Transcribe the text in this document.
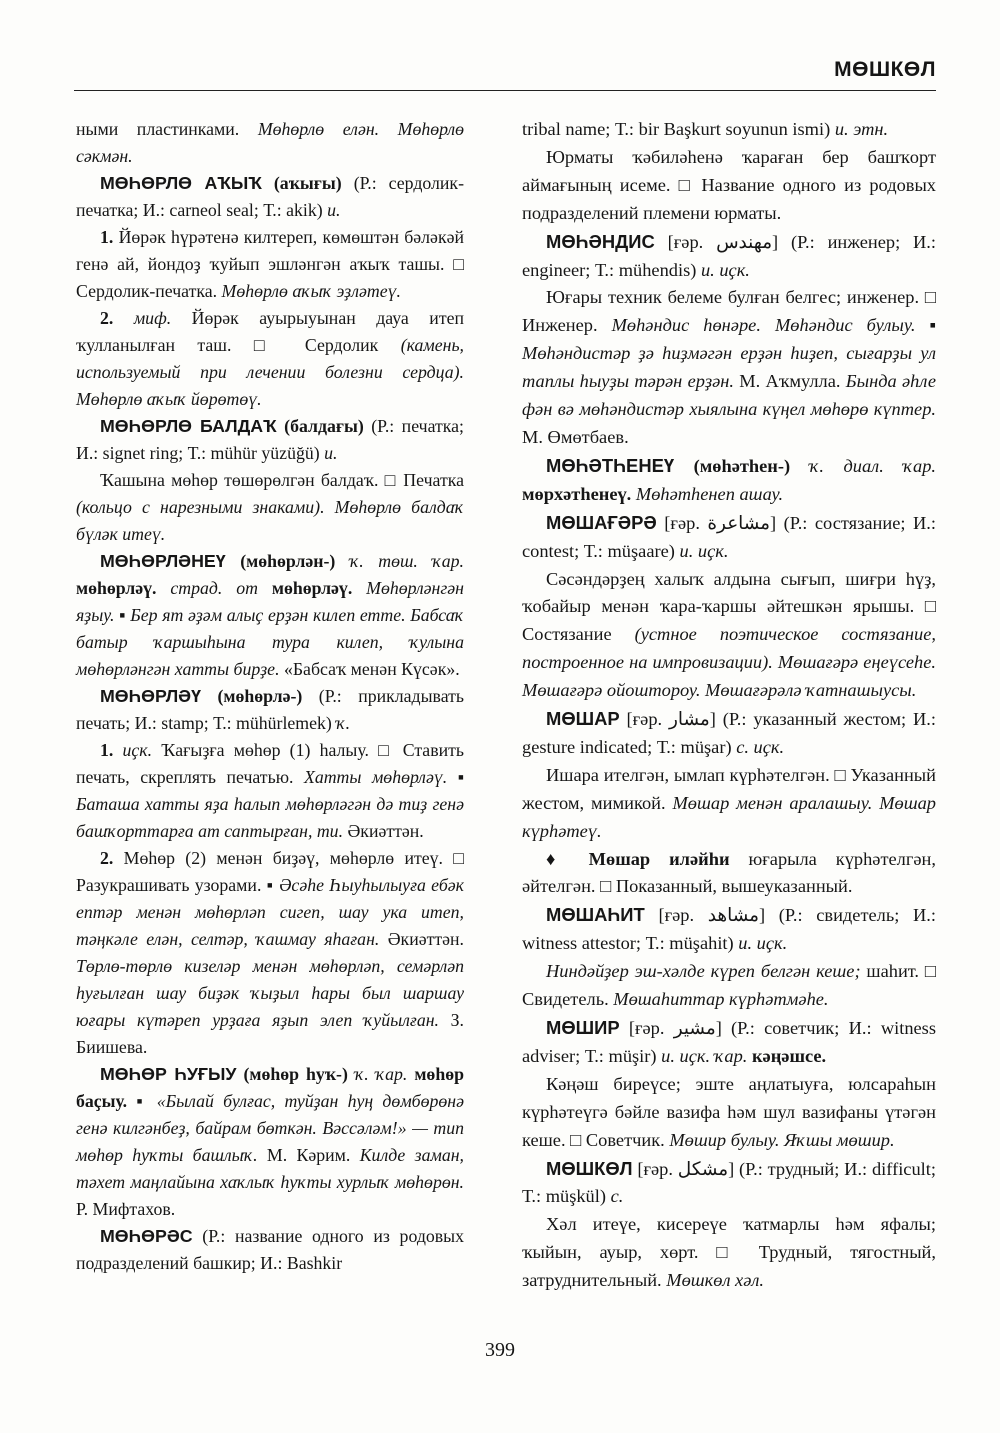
МӨШКӨЛ

ными пластинками. Мөһөрлө елән. Мөһөрлө сәкмән.

МӨҺӨРЛӨ АҠЫҠ (аҡығы) (Р.: сердолик-печатка; И.: carneol seal; Т.: akik) и.

1. Йөрәк һүрәтенә килтереп, көмөштән бәләкәй генә ай, йондоҙ ҡуйып эшләнгән аҡыҡ ташы. □ Сердолик-печатка. Мөһөрлө аҡыҡ эҙләтеү.

2. миф. Йөрәк ауырыуынан дауа итеп ҡулланылған таш. □ Сердолик (камень, используемый при лечении болезни сердца). Мөһөрлө аҡыҡ йөрөтөү.

МӨҺӨРЛӨ БАЛДАҠ (балдағы) (Р.: печатка; И.: signet ring; Т.: mühür yüzüğü) и.

Ҡашына мөһөр төшөрөлгән балдаҡ. □ Печатка (кольцо с нарезными знаками). Мөһөрлө балдаҡ бүләк итеү.

МӨҺӨРЛӘНЕҮ (мөһөрлән-) ҡ. төш. ҡар. мөһөрләү. страд. от мөһөрләү. Мөһөрләнгән яҙыу. ▪ Бер ят әҙәм алыҫ ерҙән килеп етте. Бабсаҡ батыр ҡаршыһына тура килеп, ҡулына мөһөрләнгән хатты бирҙе. «Бабсаҡ менән Күсәк».

МӨҺӨРЛӘҮ (мөһөрлә-) (Р.: прикладывать печать; И.: stamp; Т.: mühürlemek) ҡ.

1. иҫк. Ҡағыҙға мөһөр (1) һалыу. □ Ставить печать, скреплять печатью. Хатты мөһөрләү. ▪ Баташа хатты яҙа һалып мөһөрләгән дә тиҙ генә башҡорттарға ат саптырған, ти. Әкиәттән.

2. Мөһөр (2) менән биҙәү, мөһөрлө итеү. □ Разукрашивать узорами. ▪ Әсәһе Һыуһылыуға ебәк ептәр менән мөһөрләп сигеп, шау ука итеп, тәңкәле елән, селтәр, ҡашмау яһаған. Әкиәттән. Төрлө-төрлө кизеләр менән мөһөрләп, семәрләп һуғылған шау биҙәк ҡыҙыл һары был шаршау юғары күтәреп урҙаға яҙып элеп ҡуйылған. З. Биишева.

МӨҺӨР ҺУҒЫУ (мөһөр һуҡ-) ҡ. ҡар. мөһөр баҫыу. ▪ «Былай булғас, туйҙан һуң дөмбөрөнә генә килгәнбеҙ, байрам бөткән. Вәссәләм!» — тип мөһөр һуҡты башлыҡ. М. Кәрим. Килде заман, тәхет маңлайына хаҡлыҡ һуҡты хурлыҡ мөһөрөн. Р. Мифтахов.

МӨҺӨРӘС (Р.: название одного из родовых подразделений башкир; И.: Bashkir

tribal name; Т.: bir Başkurt soyunun ismi) и. этн.

Юрматы ҡәбиләһенә ҡараған бер башҡорт аймағының исеме. □ Название одного из родовых подразделений племени юрматы.

МӨҺӘНДИС [ғәр. مهندس] (Р.: инженер; И.: engineer; Т.: mühendis) и. иҫк.

Юғары техник белеме булған белгес; инженер. □ Инженер. Мөһәндис һөнәре. Мөһәндис булыу. ▪ Мөһәндистәр ҙә һиҙмәгән ерҙән һиҙеп, сығарҙы ул таплы һыуҙы тәрән ерҙән. М. Аҡмулла. Бында әһле фән вә мөһәндистәр хыялына күңел мөһөрө күптер. М. Өмөтбаев.

МӨҺӘТҺЕНЕҮ (мөһәтһен-) ҡ. диал. ҡар. мөрхәтһенеү. Мөһәтһенеп ашау.

МӨШАҒӘРӘ [ғәр. مشاعرة] (Р.: состязание; И.: contest; Т.: müşaare) и. иҫк.

Сәсәндәрҙең халыҡ алдына сығып, шиғри һүҙ, ҡобайыр менән ҡара-ҡаршы әйтешкән ярышы. □ Состязание (устное поэтическое состязание, построенное на импровизации). Мөшағәрә еңеүсеһе. Мөшағәрә ойоштороу. Мөшағәрәлә ҡатнашыусы.

МӨШАР [ғәр. مشار] (Р.: указанный жестом; И.: gesture indicated; Т.: müşar) с. иҫк.

Ишара ителгән, ымлап күрһәтелгән. □ Указанный жестом, мимикой. Мөшар менән аралашыу. Мөшар күрһәтеү.

♦ Мөшар иләйһи юғарыла күрһәтелгән, әйтелгән. □ Показанный, вышеуказанный.

МӨШАҺИТ [ғәр. مشاهد] (Р.: свидетель; И.: witness attestor; Т.: müşahit) и. иҫк.

Ниндәйҙер эш-хәлде күреп белгән кеше; шаһит. □ Свидетель. Мөшаһиттар күрһәтмәһе.

МӨШИР [ғәр. مشير] (Р.: советчик; И.: witness adviser; Т.: müşir) и. иҫк. ҡар. кәңәшсе.

Кәңәш биреүсе; эште аңлатыуға, юлсараһын күрһәтеүгә бәйле вазифа һәм шул вазифаны үтәгән кеше. □ Советчик. Мөшир булыу. Яҡшы мөшир.

МӨШКӨЛ [ғәр. مشكل] (Р.: трудный; И.: difficult; Т.: müşkül) с.

Хәл итеүе, кисереүе ҡатмарлы һәм яфалы; ҡыйын, ауыр, хөрт. □ Трудный, тягостный, затруднительный. Мөшкөл хәл.

399
